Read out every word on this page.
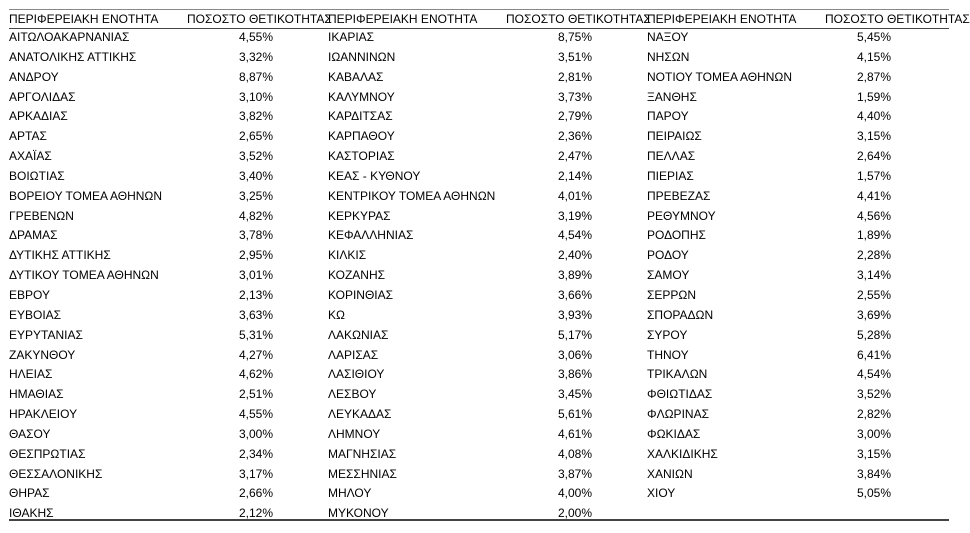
ΠΕΡΙΦΕΡΕΙΑΚΗ ΕΝΟΤΗΤΑ ΠΟΣΟΣΤΟ ΘΕΤΙΚΟΤΗΤΑΣ
ΑΙΤΩΛΟΑΚΑΡΝΑΝΙΑΣ	4,55%
ΑΝΑΤΟΛΙΚΗΣ ΑΤΤΙΚΗΣ	3,32%
ΑΝΔΡΟΥ	8,87%
ΑΡΓΟΛΙΔΑΣ	3,10%
ΑΡΚΑΔΙΑΣ	3,82%
ΑΡΤΑΣ	2,65%
ΑΧΑΪΑΣ	3,52%
ΒΟΙΩΤΙΑΣ	3,40%
ΒΟΡΕΙΟΥ ΤΟΜΕΑ ΑΘΗΝΩΝ	3,25%
ΓΡΕΒΕΝΩΝ	4,82%
ΔΡΑΜΑΣ	3,78%
ΔΥΤΙΚΗΣ ΑΤΤΙΚΗΣ	2,95%
ΔΥΤΙΚΟΥ ΤΟΜΕΑ ΑΘΗΝΩΝ	3,01%
ΕΒΡΟΥ	2,13%
ΕΥΒΟΙΑΣ	3,63%
ΕΥΡΥΤΑΝΙΑΣ	5,31%
ΖΑΚΥΝΘΟΥ	4,27%
ΗΛΕΙΑΣ	4,62%
ΗΜΑΘΙΑΣ	2,51%
ΗΡΑΚΛΕΙΟΥ	4,55%
ΘΑΣΟΥ	3,00%
ΘΕΣΠΡΩΤΙΑΣ	2,34%
ΘΕΣΣΑΛΟΝΙΚΗΣ	3,17%
ΘΗΡΑΣ	2,66%
ΙΘΑΚΗΣ	2,12%
ΠΕΡΙΦΕΡΕΙΑΚΗ ΕΝΟΤΗΤΑ ΠΟΣΟΣΤΟ ΘΕΤΙΚΟΤΗΤΑΣ
ΙΚΑΡΙΑΣ	8,75%
ΙΩΑΝΝΙΝΩΝ	3,51%
ΚΑΒΑΛΑΣ	2,81%
ΚΑΛΥΜΝΟΥ	3,73%
ΚΑΡΔΙΤΣΑΣ	2,79%
ΚΑΡΠΑΘΟΥ	2,36%
ΚΑΣΤΟΡΙΑΣ	2,47%
ΚΕΑΣ - ΚΥΘΝΟΥ	2,14%
ΚΕΝΤΡΙΚΟΥ ΤΟΜΕΑ ΑΘΗΝΩΝ	4,01%
ΚΕΡΚΥΡΑΣ	3,19%
ΚΕΦΑΛΛΗΝΙΑΣ	4,54%
ΚΙΛΚΙΣ	2,40%
ΚΟΖΑΝΗΣ	3,89%
ΚΟΡΙΝΘΙΑΣ	3,66%
ΚΩ	3,93%
ΛΑΚΩΝΙΑΣ	5,17%
ΛΑΡΙΣΑΣ	3,06%
ΛΑΣΙΘΙΟΥ	3,86%
ΛΕΣΒΟΥ	3,45%
ΛΕΥΚΑΔΑΣ	5,61%
ΛΗΜΝΟΥ	4,61%
ΜΑΓΝΗΣΙΑΣ	4,08%
ΜΕΣΣΗΝΙΑΣ	3,87%
ΜΗΛΟΥ	4,00%
ΜΥΚΟΝΟΥ	2,00%
ΠΕΡΙΦΕΡΕΙΑΚΗ ΕΝΟΤΗΤΑ ΠΟΣΟΣΤΟ ΘΕΤΙΚΟΤΗΤΑΣ
ΝΑΞΟΥ	5,45%
ΝΗΣΩΝ	4,15%
ΝΟΤΙΟΥ ΤΟΜΕΑ ΑΘΗΝΩΝ	2,87%
ΞΑΝΘΗΣ	1,59%
ΠΑΡΟΥ	4,40%
ΠΕΙΡΑΙΩΣ	3,15%
ΠΕΛΛΑΣ	2,64%
ΠΙΕΡΙΑΣ	1,57%
ΠΡΕΒΕΖΑΣ	4,41%
ΡΕΘΥΜΝΟΥ	4,56%
ΡΟΔΟΠΗΣ	1,89%
ΡΟΔΟΥ	2,28%
ΣΑΜΟΥ	3,14%
ΣΕΡΡΩΝ	2,55%
ΣΠΟΡΑΔΩΝ	3,69%
ΣΥΡΟΥ	5,28%
ΤΗΝΟΥ	6,41%
ΤΡΙΚΑΛΩΝ	4,54%
ΦΘΙΩΤΙΔΑΣ	3,52%
ΦΛΩΡΙΝΑΣ	2,82%
ΦΩΚΙΔΑΣ	3,00%
ΧΑΛΚΙΔΙΚΗΣ	3,15%
ΧΑΝΙΩΝ	3,84%
ΧΙΟΥ	5,05%
